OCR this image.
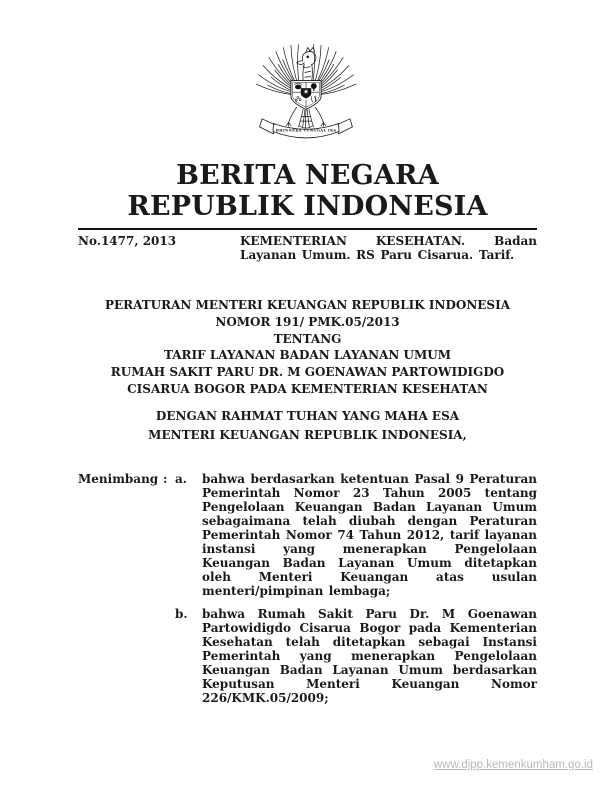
BHINNEKA TUNGGAL IKA
BERITA NEGARA
REPUBLIK INDONESIA
No.1477, 2013	KEMENTERIAN KESEHATAN. Badan Layanan Umum. RS Paru Cisarua. Tarif.
PERATURAN MENTERI KEUANGAN REPUBLIK INDONESIA
NOMOR 191/ PMK.05/2013
TENTANG
TARIF LAYANAN BADAN LAYANAN UMUM
RUMAH SAKIT PARU DR. M GOENAWAN PARTOWIDIGDO
CISARUA BOGOR PADA KEMENTERIAN KESEHATAN
DENGAN RAHMAT TUHAN YANG MAHA ESA
MENTERI KEUANGAN REPUBLIK INDONESIA,
Menimbang : a.	bahwa berdasarkan ketentuan Pasal 9 Peraturan Pemerintah Nomor 23 Tahun 2005 tentang Pengelolaan Keuangan Badan Layanan Umum sebagaimana telah diubah dengan Peraturan Pemerintah Nomor 74 Tahun 2012, tarif layanan instansi yang menerapkan Pengelolaan Keuangan Badan Layanan Umum ditetapkan oleh Menteri Keuangan atas usulan menteri/pimpinan lembaga;
b.	bahwa Rumah Sakit Paru Dr. M Goenawan Partowidigdo Cisarua Bogor pada Kementerian Kesehatan telah ditetapkan sebagai Instansi Pemerintah yang menerapkan Pengelolaan Keuangan Badan Layanan Umum berdasarkan Keputusan Menteri Keuangan Nomor 226/KMK.05/2009;
www.djpp.kemenkumham.go.id
